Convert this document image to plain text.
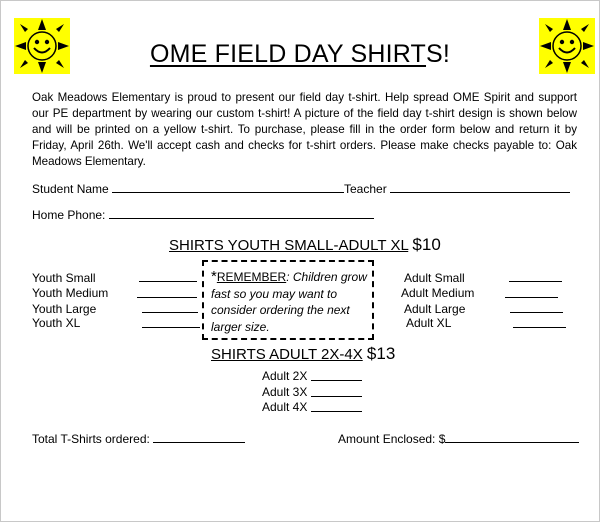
OME FIELD DAY SHIRTS!
Oak Meadows Elementary is proud to present our field day t-shirt. Help spread OME Spirit and support our PE department by wearing our custom t-shirt! A picture of the field day t-shirt design is shown below and will be printed on a yellow t-shirt. To purchase, please fill in the order form below and return it by Friday, April 26th. We'll accept cash and checks for t-shirt orders. Please make checks payable to: Oak Meadows Elementary.
Student Name	Teacher
Home Phone:
SHIRTS YOUTH SMALL-ADULT XL $10
Youth Small
Youth Medium
Youth Large
Youth XL
Adult Small
Adult Medium
Adult Large
Adult XL
SHIRTS ADULT 2X-4X $13
*REMEMBER: Children grow fast so you may want to consider ordering the next larger size.
Adult 2X
Adult 3X
Adult 4X
Total T-Shirts ordered:	Amount Enclosed: $
